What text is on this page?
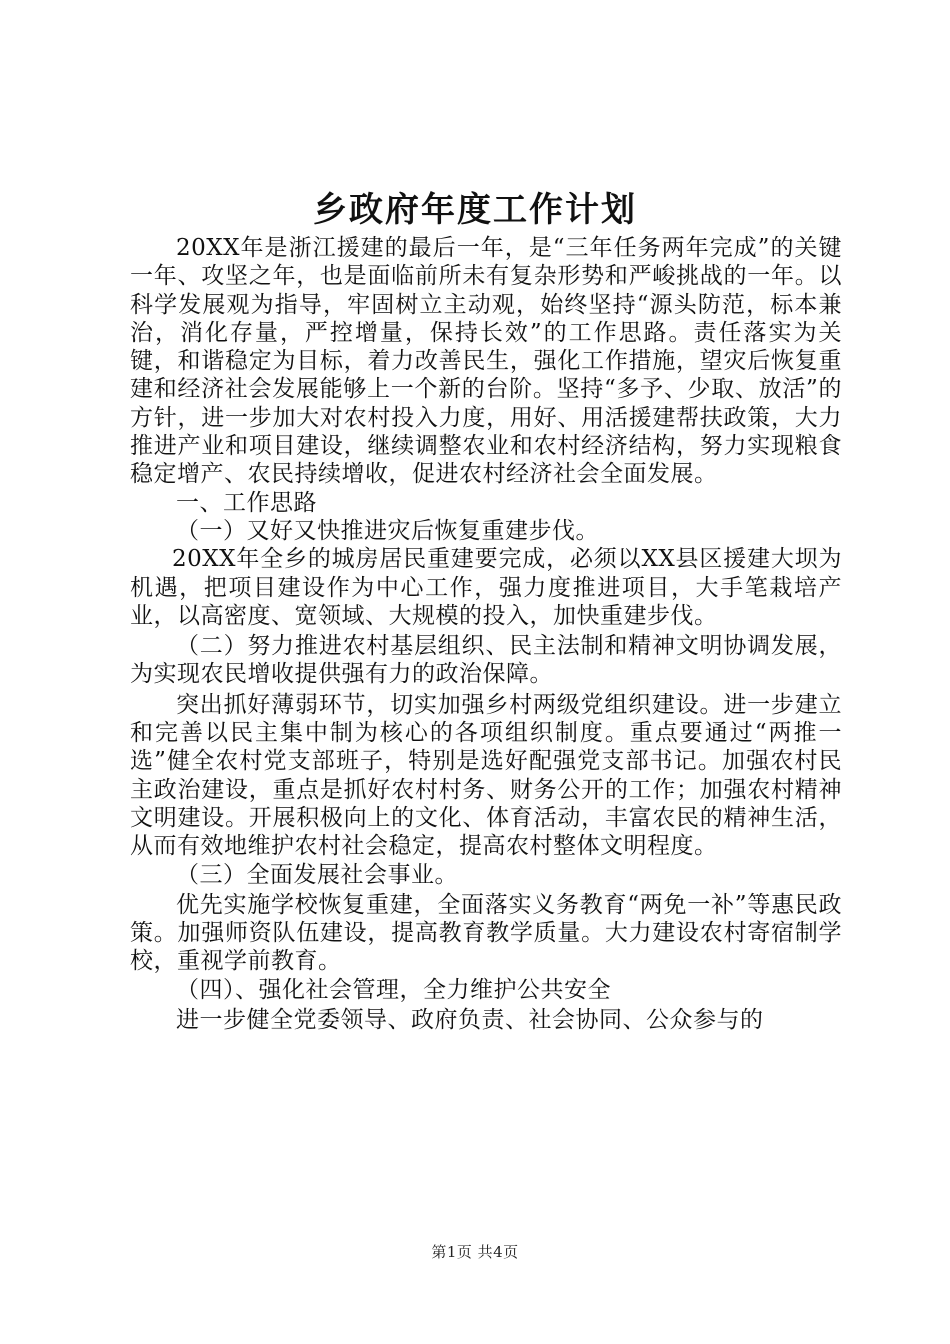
乡政府年度工作计划

20XX年是浙江援建的最后一年，是“三年任务两年完成”的关键一年、攻坚之年，也是面临前所未有复杂形势和严峻挑战的一年。以科学发展观为指导，牢固树立主动观，始终坚持“源头防范，标本兼治，消化存量，严控增量，保持长效”的工作思路。责任落实为关键，和谐稳定为目标，着力改善民生，强化工作措施，望灾后恢复重建和经济社会发展能够上一个新的台阶。坚持“多予、少取、放活”的方针，进一步加大对农村投入力度，用好、用活援建帮扶政策，大力推进产业和项目建设，继续调整农业和农村经济结构，努力实现粮食稳定增产、农民持续增收，促进农村经济社会全面发展。

一、工作思路

（一）又好又快推进灾后恢复重建步伐。

20XX年全乡的城房居民重建要完成，必须以XX县区援建大坝为机遇，把项目建设作为中心工作，强力度推进项目，大手笔栽培产业，以高密度、宽领域、大规模的投入，加快重建步伐。

（二）努力推进农村基层组织、民主法制和精神文明协调发展，为实现农民增收提供强有力的政治保障。

突出抓好薄弱环节，切实加强乡村两级党组织建设。进一步建立和完善以民主集中制为核心的各项组织制度。重点要通过“两推一选”健全农村党支部班子，特别是选好配强党支部书记。加强农村民主政治建设，重点是抓好农村村务、财务公开的工作；加强农村精神文明建设。开展积极向上的文化、体育活动，丰富农民的精神生活，从而有效地维护农村社会稳定，提高农村整体文明程度。

（三）全面发展社会事业。

优先实施学校恢复重建，全面落实义务教育“两免一补”等惠民政策。加强师资队伍建设，提高教育教学质量。大力建设农村寄宿制学校，重视学前教育。

（四）、强化社会管理，全力维护公共安全

进一步健全党委领导、政府负责、社会协同、公众参与的

第1页 共4页
